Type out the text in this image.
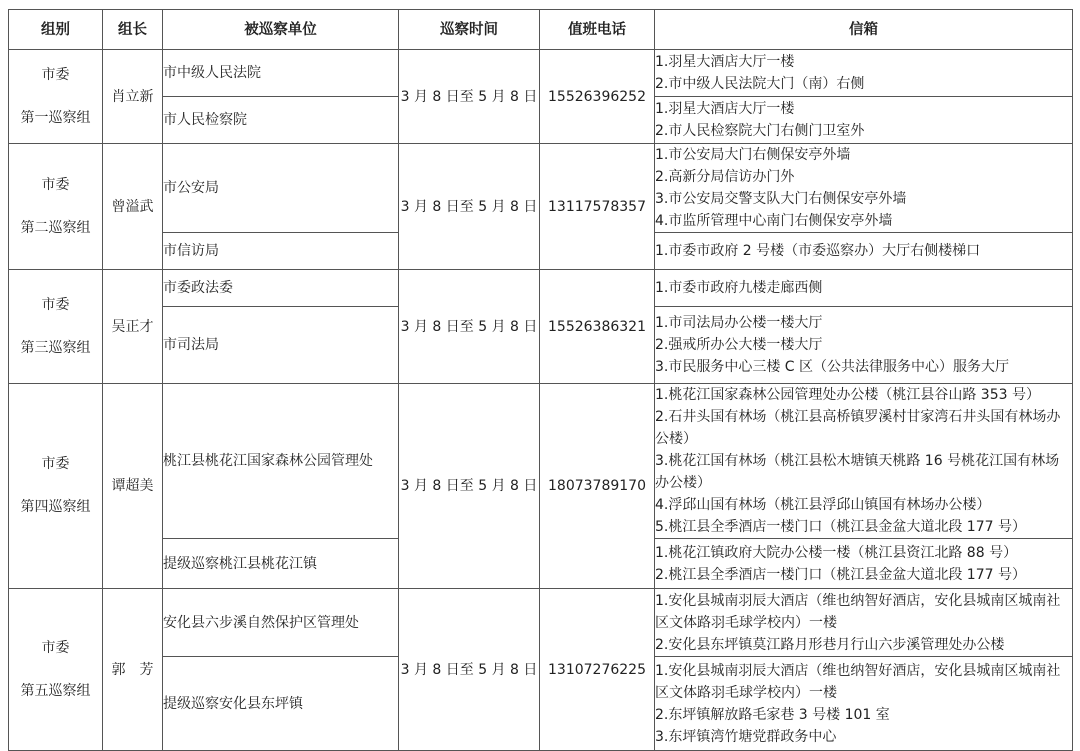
组别	组长	被巡察单位	巡察时间	值班电话	信箱

市委
第一巡察组	肖立新	市中级人民法院	3 月 8 日至 5 月 8 日	15526396252	1.羽星大酒店大厅一楼
2.市中级人民法院大门（南）右侧

		市人民检察院			1.羽星大酒店大厅一楼
2.市人民检察院大门右侧门卫室外

市委
第二巡察组	曾溢武	市公安局	3 月 8 日至 5 月 8 日	13117578357	1.市公安局大门右侧保安亭外墙
2.高新分局信访办门外
3.市公安局交警支队大门右侧保安亭外墙
4.市监所管理中心南门右侧保安亭外墙

		市信访局			1.市委市政府 2 号楼（市委巡察办）大厅右侧楼梯口

市委
第三巡察组	吴正才	市委政法委	3 月 8 日至 5 月 8 日	15526386321	1.市委市政府九楼走廊西侧

		市司法局			1.市司法局办公楼一楼大厅
2.强戒所办公大楼一楼大厅
3.市民服务中心三楼 C 区（公共法律服务中心）服务大厅

市委
第四巡察组	谭超美	桃江县桃花江国家森林公园管理处	3 月 8 日至 5 月 8 日	18073789170	1.桃花江国家森林公园管理处办公楼（桃江县谷山路 353 号）
2.石井头国有林场（桃江县高桥镇罗溪村甘家湾石井头国有林场办公楼）
3.桃花江国有林场（桃江县松木塘镇天桃路 16 号桃花江国有林场办公楼）
4.浮邱山国有林场（桃江县浮邱山镇国有林场办公楼）
5.桃江县全季酒店一楼门口（桃江县金盆大道北段 177 号）

		提级巡察桃江县桃花江镇			1.桃花江镇政府大院办公楼一楼（桃江县资江北路 88 号）
2.桃江县全季酒店一楼门口（桃江县金盆大道北段 177 号）

市委
第五巡察组	郭　芳	安化县六步溪自然保护区管理处	3 月 8 日至 5 月 8 日	13107276225	1.安化县城南羽辰大酒店（维也纳智好酒店，安化县城南区城南社区文体路羽毛球学校内）一楼
2.安化县东坪镇莫江路月形巷月行山六步溪管理处办公楼

		提级巡察安化县东坪镇			1.安化县城南羽辰大酒店（维也纳智好酒店，安化县城南区城南社区文体路羽毛球学校内）一楼
2.东坪镇解放路毛家巷 3 号楼 101 室
3.东坪镇湾竹塘党群政务中心
